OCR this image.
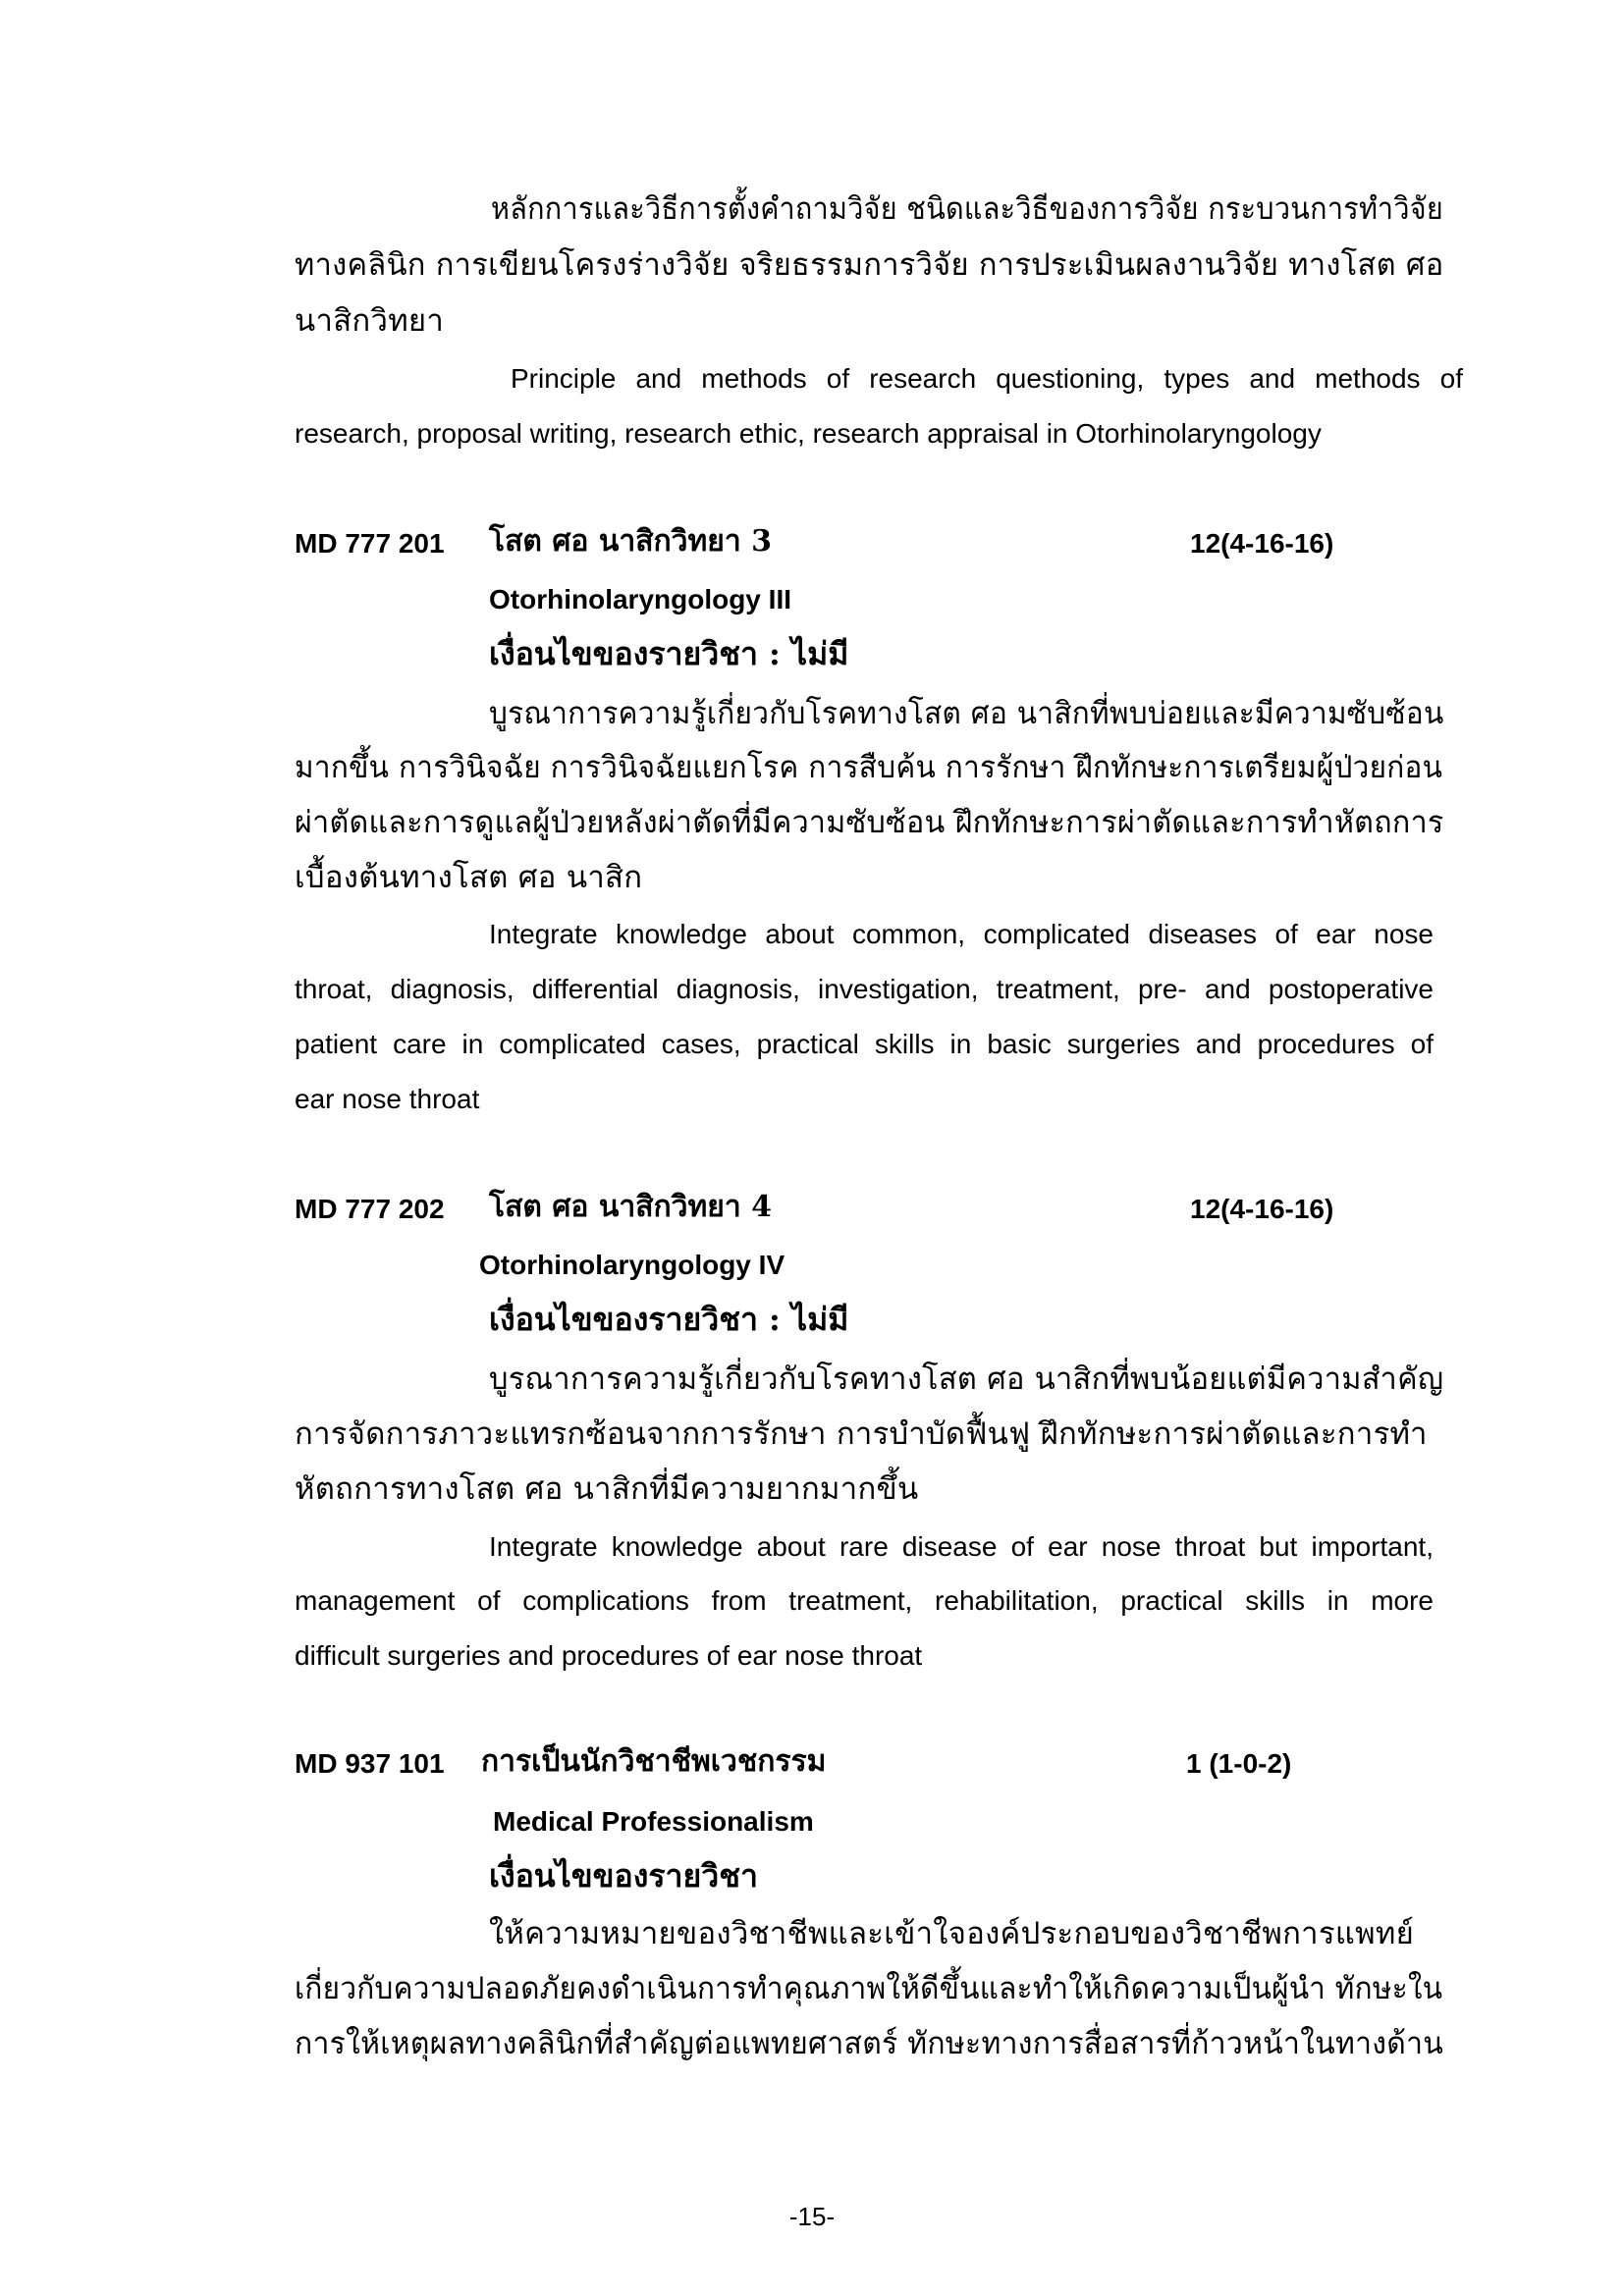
หลักการและวิธีการตั้งคำถามวิจัย ชนิดและวิธีของการวิจัย กระบวนการทำวิจัย
ทางคลินิก การเขียนโครงร่างวิจัย จริยธรรมการวิจัย การประเมินผลงานวิจัย ทางโสต ศอ
นาสิกวิทยา
Principle and methods of research questioning, types and methods of
research, proposal writing, research ethic, research appraisal in Otorhinolaryngology
MD 777 201 โสต ศอ นาสิกวิทยา 3	12(4-16-16)
Otorhinolaryngology III
เงื่อนไขของรายวิชา : ไม่มี
บูรณาการความรู้เกี่ยวกับโรคทางโสต ศอ นาสิกที่พบบ่อยและมีความซับซ้อน
มากขึ้น การวินิจฉัย การวินิจฉัยแยกโรค การสืบค้น การรักษา ฝึกทักษะการเตรียมผู้ป่วยก่อน
ผ่าตัดและการดูแลผู้ป่วยหลังผ่าตัดที่มีความซับซ้อน ฝึกทักษะการผ่าตัดและการทำหัตถการ
เบื้องต้นทางโสต ศอ นาสิก
Integrate knowledge about common, complicated diseases of ear nose
throat, diagnosis, differential diagnosis, investigation, treatment, pre- and postoperative
patient care in complicated cases, practical skills in basic surgeries and procedures of
ear nose throat
MD 777 202 โสต ศอ นาสิกวิทยา 4	12(4-16-16)
Otorhinolaryngology IV
เงื่อนไขของรายวิชา : ไม่มี
บูรณาการความรู้เกี่ยวกับโรคทางโสต ศอ นาสิกที่พบน้อยแต่มีความสำคัญ
การจัดการภาวะแทรกซ้อนจากการรักษา การบำบัดฟื้นฟู ฝึกทักษะการผ่าตัดและการทำ
หัตถการทางโสต ศอ นาสิกที่มีความยากมากขึ้น
Integrate knowledge about rare disease of ear nose throat but important,
management of complications from treatment, rehabilitation, practical skills in more
difficult surgeries and procedures of ear nose throat
MD 937 101 การเป็นนักวิชาชีพเวชกรรม	1 (1-0-2)
Medical Professionalism
เงื่อนไขของรายวิชา
ให้ความหมายของวิชาชีพและเข้าใจองค์ประกอบของวิชาชีพการแพทย์
เกี่ยวกับความปลอดภัยคงดำเนินการทำคุณภาพให้ดีขึ้นและทำให้เกิดความเป็นผู้นำ ทักษะใน
การให้เหตุผลทางคลินิกที่สำคัญต่อแพทยศาสตร์ ทักษะทางการสื่อสารที่ก้าวหน้าในทางด้าน
-15-
